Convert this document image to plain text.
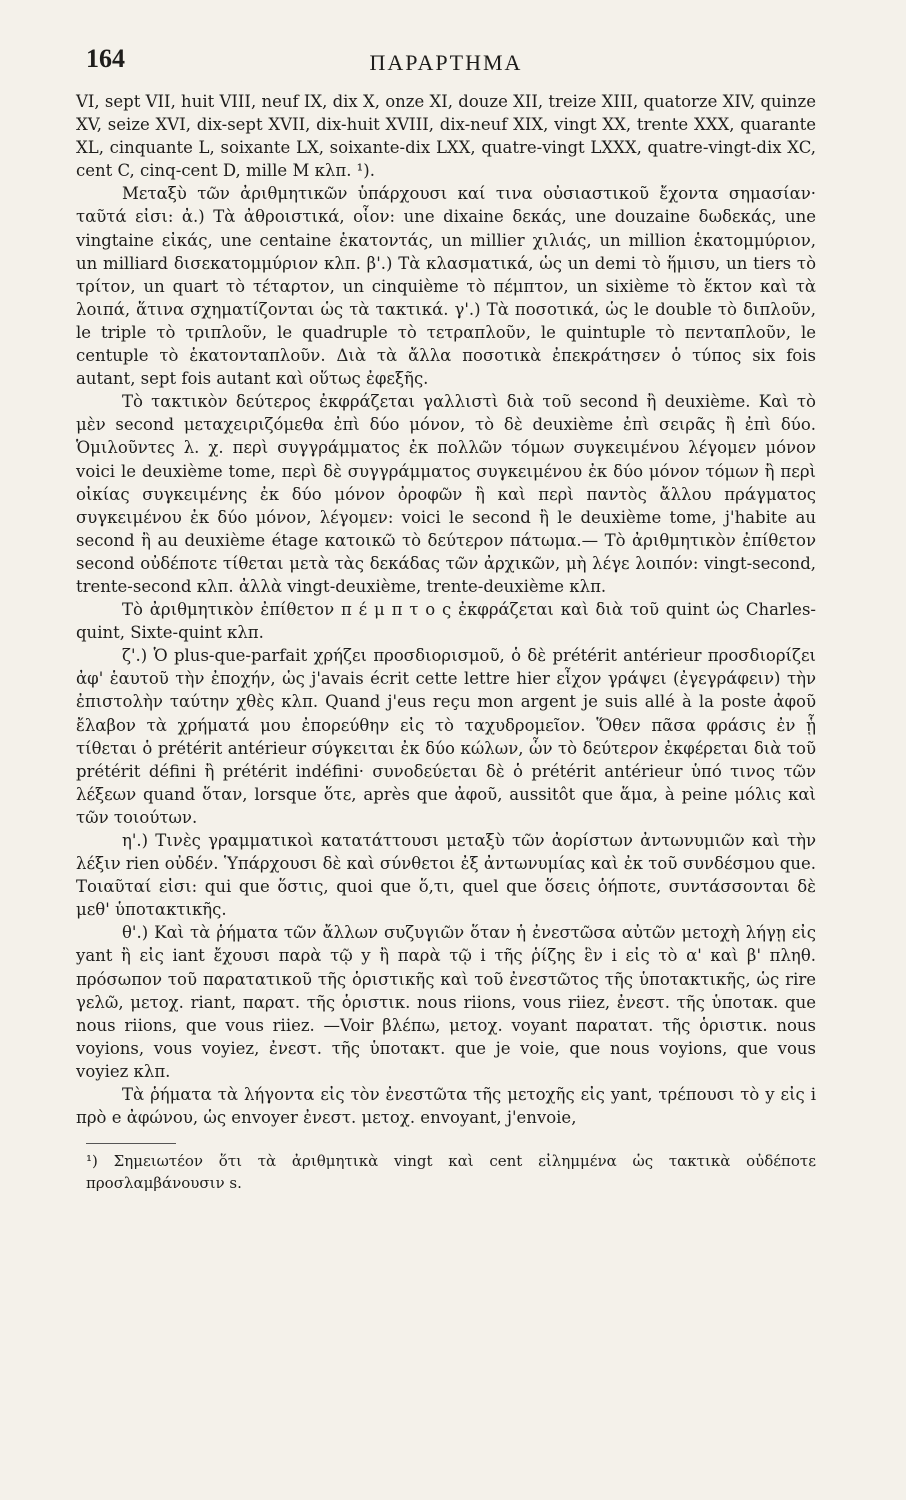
164	ΠΑΡΑΡΤΗΜΑ

VI, sept VII, huit VIII, neuf IX, dix X, onze XI, douze XII, treize XIII, quatorze XIV, quinze XV, seize XVI, dix-sept XVII, dix-huit XVIII, dix-neuf XIX, vingt XX, trente XXX, quarante XL, cinquante L, soixante LX, soixante-dix LXX, quatre-vingt LXXX, quatre-vingt-dix XC, cent C, cinq-cent D, mille M κλπ. ¹).

Μεταξὺ τῶν ἀριθμητικῶν ὑπάρχουσι καί τινα οὐσιαστικοῦ ἔχοντα σημασίαν· ταῦτά εἰσι: ἀ.) Τὰ ἀθροιστικά, οἷον: une dixaine δεκάς, une douzaine δωδεκάς, une vingtaine εἰκάς, une centaine ἑκατοντάς, un millier χιλιάς, un million ἑκατομμύριον, un milliard δισεκατομμύριον κλπ. β'.) Τὰ κλασματικά, ὡς un demi τὸ ἥμισυ, un tiers τὸ τρίτον, un quart τὸ τέταρτον, un cinquième τὸ πέμπτον, un sixième τὸ ἕκτον καὶ τὰ λοιπά, ἅτινα σχηματίζονται ὡς τὰ τακτικά. γ'.) Τὰ ποσοτικά, ὡς le double τὸ διπλοῦν, le triple τὸ τριπλοῦν, le quadruple τὸ τετραπλοῦν, le quintuple τὸ πενταπλοῦν, le centuple τὸ ἑκατονταπλοῦν. Διὰ τὰ ἄλλα ποσοτικὰ ἐπεκράτησεν ὁ τύπος six fois autant, sept fois autant καὶ οὕτως ἐφεξῆς.

Τὸ τακτικὸν δεύτερος ἐκφράζεται γαλλιστὶ διὰ τοῦ second ἢ deuxième. Καὶ τὸ μὲν second μεταχειριζόμεθα ἐπὶ δύο μόνον, τὸ δὲ deuxième ἐπὶ σειρᾶς ἢ ἐπὶ δύο. Ὁμιλοῦντες λ. χ. περὶ συγγράμματος ἐκ πολλῶν τόμων συγκειμένου λέγομεν μόνον voici le deuxième tome, περὶ δὲ συγγράμματος συγκειμένου ἐκ δύο μόνον τόμων ἢ περὶ οἰκίας συγκειμένης ἐκ δύο μόνον ὀροφῶν ἢ καὶ περὶ παντὸς ἄλλου πράγματος συγκειμένου ἐκ δύο μόνον, λέγομεν: voici le second ἢ le deuxième tome, j'habite au second ἢ au deuxième étage κατοικῶ τὸ δεύτερον πάτωμα.— Τὸ ἀριθμητικὸν ἐπίθετον second οὐδέποτε τίθεται μετὰ τὰς δεκάδας τῶν ἀρχικῶν, μὴ λέγε λοιπόν: vingt-second, trente-second κλπ. ἀλλὰ vingt-deuxième, trente-deuxième κλπ.

Τὸ ἀριθμητικὸν ἐπίθετον π έ μ π τ ο ς ἐκφράζεται καὶ διὰ τοῦ quint ὡς Charles-quint, Sixte-quint κλπ.

ζ'.) Ὁ plus-que-parfait χρήζει προσδιορισμοῦ, ὁ δὲ prétérit antérieur προσδιορίζει ἀφ' ἑαυτοῦ τὴν ἐποχήν, ὡς j'avais écrit cette lettre hier εἶχον γράψει (ἐγεγράφειν) τὴν ἐπιστολὴν ταύτην χθὲς κλπ. Quand j'eus reçu mon argent je suis allé à la poste ἀφοῦ ἔλαβον τὰ χρήματά μου ἐπορεύθην εἰς τὸ ταχυδρομεῖον. Ὅθεν πᾶσα φράσις ἐν ᾗ τίθεται ὁ prétérit antérieur σύγκειται ἐκ δύο κώλων, ὧν τὸ δεύτερον ἐκφέρεται διὰ τοῦ prétérit défini ἢ prétérit indéfini· συνοδεύεται δὲ ὁ prétérit antérieur ὑπό τινος τῶν λέξεων quand ὅταν, lorsque ὅτε, après que ἀφοῦ, aussitôt que ἅμα, à peine μόλις καὶ τῶν τοιούτων.

η'.) Τινὲς γραμματικοὶ κατατάττουσι μεταξὺ τῶν ἀορίστων ἀντωνυμιῶν καὶ τὴν λέξιν rien οὐδέν. Ὑπάρχουσι δὲ καὶ σύνθετοι ἐξ ἀντωνυμίας καὶ ἐκ τοῦ συνδέσμου que. Τοιαῦταί εἰσι: qui que ὅστις, quoi que ὅ,τι, quel que ὅσεις ὁήποτε, συντάσσονται δὲ μεθ' ὑποτακτικῆς.

θ'.) Καὶ τὰ ῥήματα τῶν ἄλλων συζυγιῶν ὅταν ἡ ἐνεστῶσα αὐτῶν μετοχὴ λήγῃ εἰς yant ἢ εἰς iant ἔχουσι παρὰ τῷ y ἢ παρὰ τῷ i τῆς ῥίζης ἓν i εἰς τὸ α' καὶ β' πληθ. πρόσωπον τοῦ παρατατικοῦ τῆς ὁριστικῆς καὶ τοῦ ἐνεστῶτος τῆς ὑποτακτικῆς, ὡς rire γελῶ, μετοχ. riant, παρατ. τῆς ὁριστικ. nous riions, vous riiez, ἐνεστ. τῆς ὑποτακ. que nous riions, que vous riiez. —Voir βλέπω, μετοχ. voyant παρατατ. τῆς ὁριστικ. nous voyions, vous voyiez, ἐνεστ. τῆς ὑποτακτ. que je voie, que nous voyions, que vous voyiez κλπ.

Τὰ ῥήματα τὰ λήγοντα εἰς τὸν ἐνεστῶτα τῆς μετοχῆς εἰς yant, τρέπουσι τὸ y εἰς i πρὸ e ἀφώνου, ὡς envoyer ἐνεστ. μετοχ. envoyant, j'envoie,

¹) Σημειωτέον ὅτι τὰ ἀριθμητικὰ vingt καὶ cent εἰλημμένα ὡς τακτικὰ οὐδέποτε προσλαμβάνουσιν s.
